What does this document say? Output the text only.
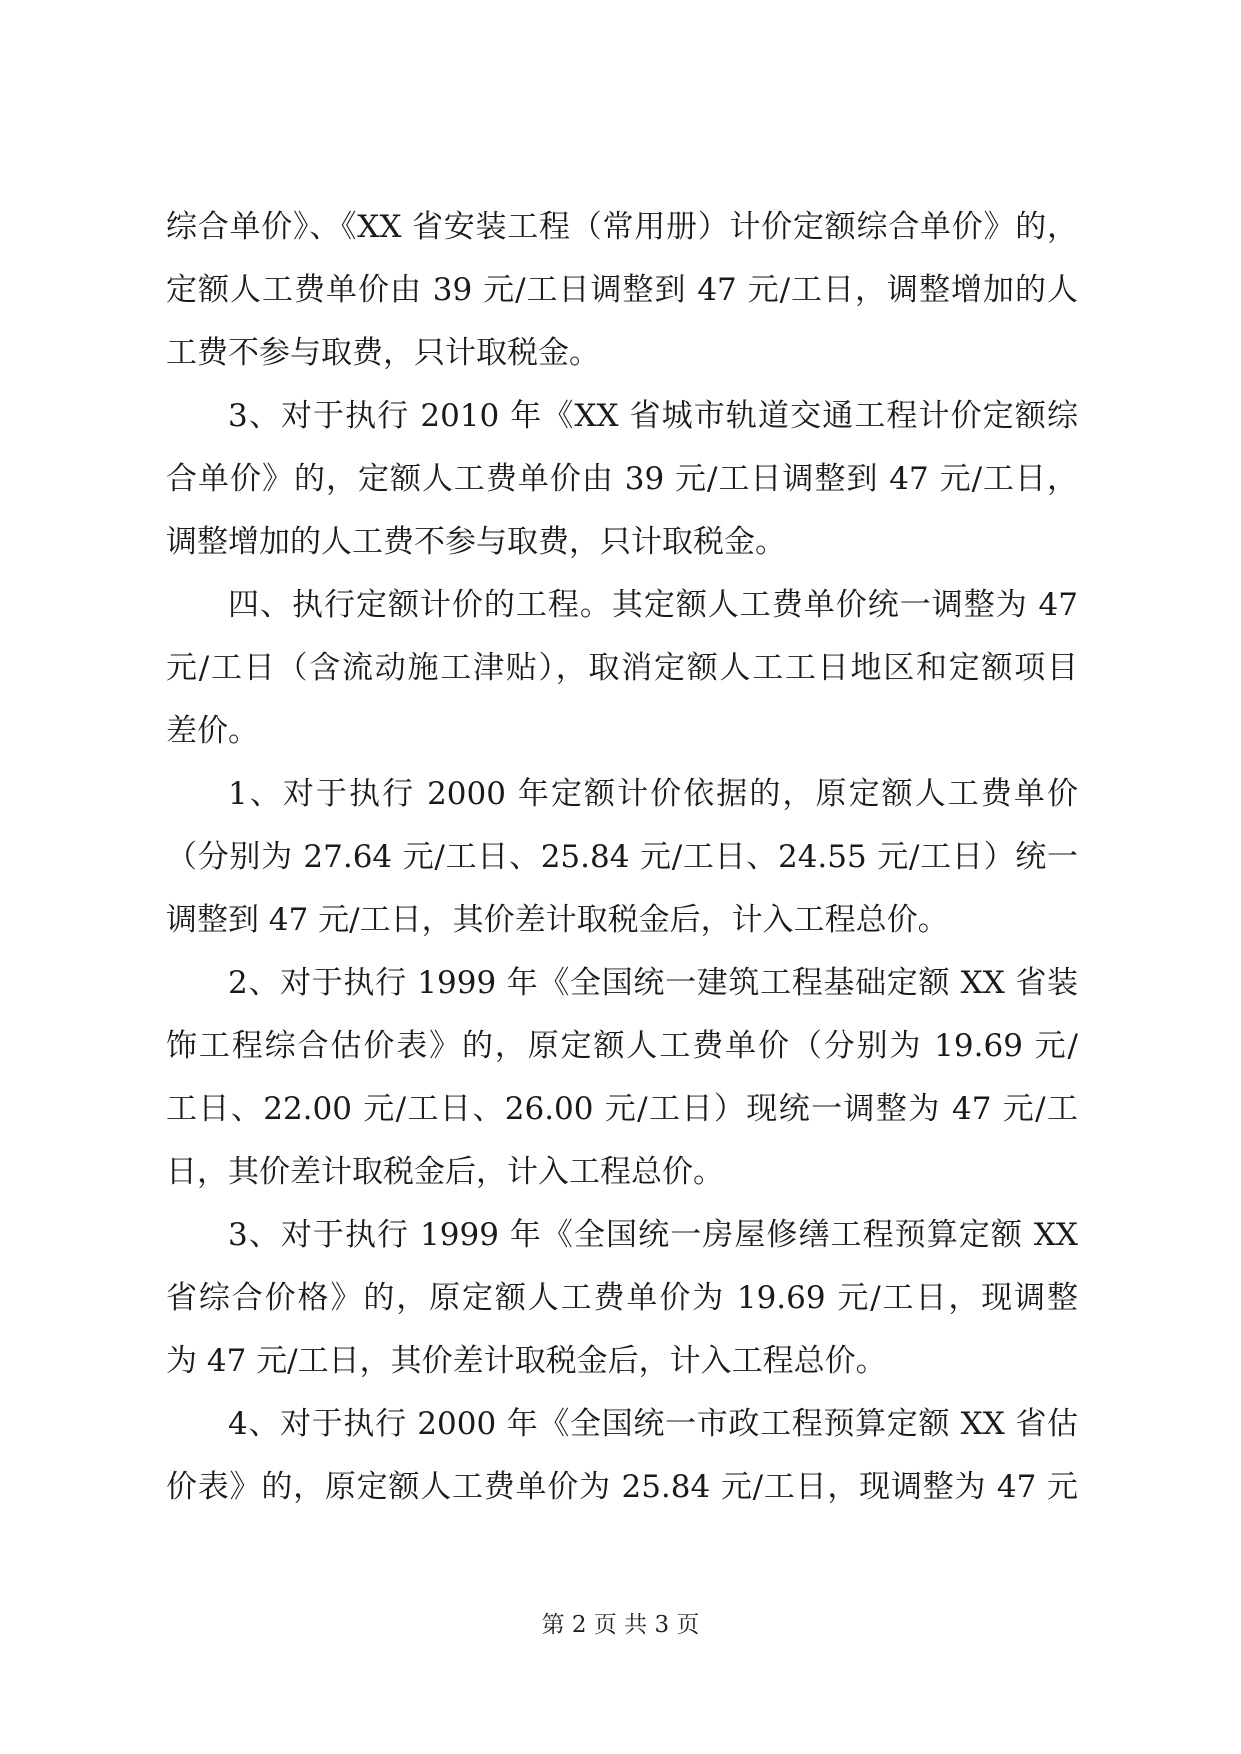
综合单价》、《XX 省安装工程（常用册）计价定额综合单价》的，
定额人工费单价由 39 元/工日调整到 47 元/工日，调整增加的人
工费不参与取费，只计取税金。
3、对于执行 2010 年《XX 省城市轨道交通工程计价定额综
合单价》的，定额人工费单价由 39 元/工日调整到 47 元/工日，
调整增加的人工费不参与取费，只计取税金。
四、执行定额计价的工程。其定额人工费单价统一调整为 47
元/工日（含流动施工津贴），取消定额人工工日地区和定额项目
差价。
1、对于执行 2000 年定额计价依据的，原定额人工费单价
（分别为 27.64 元/工日、25.84 元/工日、24.55 元/工日）统一
调整到 47 元/工日，其价差计取税金后，计入工程总价。
2、对于执行 1999 年《全国统一建筑工程基础定额 XX 省装
饰工程综合估价表》的，原定额人工费单价（分别为 19.69 元/
工日、22.00 元/工日、26.00 元/工日）现统一调整为 47 元/工
日，其价差计取税金后，计入工程总价。
3、对于执行 1999 年《全国统一房屋修缮工程预算定额 XX
省综合价格》的，原定额人工费单价为 19.69 元/工日，现调整
为 47 元/工日，其价差计取税金后，计入工程总价。
4、对于执行 2000 年《全国统一市政工程预算定额 XX 省估
价表》的，原定额人工费单价为 25.84 元/工日，现调整为 47 元
第 2 页 共 3 页
